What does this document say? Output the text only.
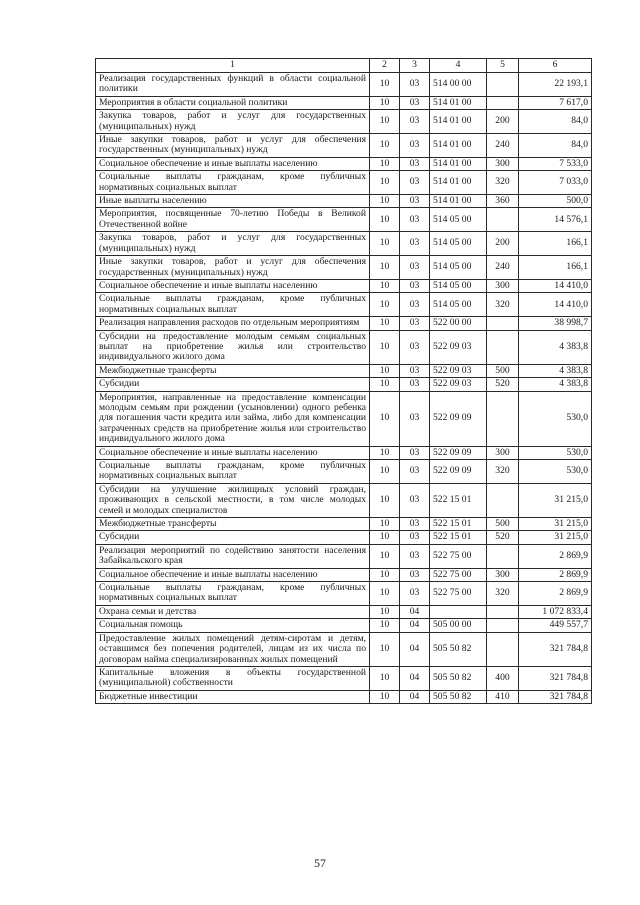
1	2	3	4	5	6
Реализация государственных функций в области социальной политики	10	03	514 00 00		22 193,1
Мероприятия в области социальной политики	10	03	514 01 00		7 617,0
Закупка товаров, работ и услуг для государственных (муниципальных) нужд	10	03	514 01 00	200	84,0
Иные закупки товаров, работ и услуг для обеспечения государственных (муниципальных) нужд	10	03	514 01 00	240	84,0
Социальное обеспечение и иные выплаты населению	10	03	514 01 00	300	7 533,0
Социальные выплаты гражданам, кроме публичных нормативных социальных выплат	10	03	514 01 00	320	7 033,0
Иные выплаты населению	10	03	514 01 00	360	500,0
Мероприятия, посвященные 70-летию Победы в Великой Отечественной войне	10	03	514 05 00		14 576,1
Закупка товаров, работ и услуг для государственных (муниципальных) нужд	10	03	514 05 00	200	166,1
Иные закупки товаров, работ и услуг для обеспечения государственных (муниципальных) нужд	10	03	514 05 00	240	166,1
Социальное обеспечение и иные выплаты населению	10	03	514 05 00	300	14 410,0
Социальные выплаты гражданам, кроме публичных нормативных социальных выплат	10	03	514 05 00	320	14 410,0
Реализация направления расходов по отдельным мероприятиям	10	03	522 00 00		38 998,7
Субсидии на предоставление молодым семьям социальных выплат на приобретение жилья или строительство индивидуального жилого дома	10	03	522 09 03		4 383,8
Межбюджетные трансферты	10	03	522 09 03	500	4 383,8
Субсидии	10	03	522 09 03	520	4 383,8
Мероприятия, направленные на предоставление компенсации молодым семьям при рождении (усыновлении) одного ребенка для погашения части кредита или займа, либо для компенсации затраченных средств на приобретение жилья или строительство индивидуального жилого дома	10	03	522 09 09		530,0
Социальное обеспечение и иные выплаты населению	10	03	522 09 09	300	530,0
Социальные выплаты гражданам, кроме публичных нормативных социальных выплат	10	03	522 09 09	320	530,0
Субсидии на улучшение жилищных условий граждан, проживающих в сельской местности, в том числе молодых семей и молодых специалистов	10	03	522 15 01		31 215,0
Межбюджетные трансферты	10	03	522 15 01	500	31 215,0
Субсидии	10	03	522 15 01	520	31 215,0
Реализация мероприятий по содействию занятости населения Забайкальского края	10	03	522 75 00		2 869,9
Социальное обеспечение и иные выплаты населению	10	03	522 75 00	300	2 869,9
Социальные выплаты гражданам, кроме публичных нормативных социальных выплат	10	03	522 75 00	320	2 869,9
Охрана семьи и детства	10	04			1 072 833,4
Социальная помощь	10	04	505 00 00		449 557,7
Предоставление жилых помещений детям-сиротам и детям, оставшимся без попечения родителей, лицам из их числа по договорам найма специализированных жилых помещений	10	04	505 50 82		321 784,8
Капитальные вложения в объекты государственной (муниципальной) собственности	10	04	505 50 82	400	321 784,8
Бюджетные инвестиции	10	04	505 50 82	410	321 784,8
57
